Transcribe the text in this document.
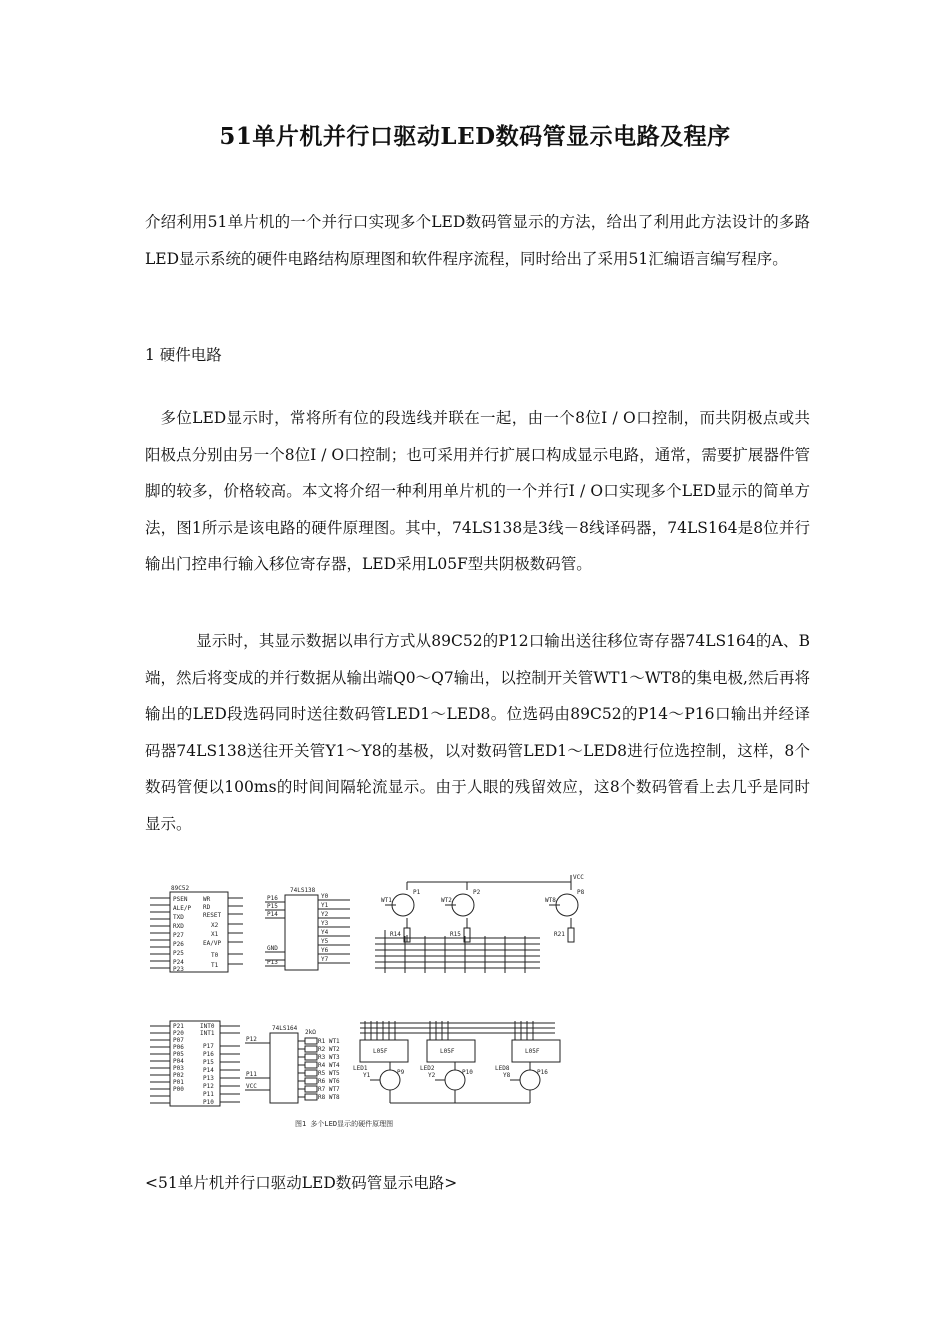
51单片机并行口驱动LED数码管显示电路及程序
介绍利用51单片机的一个并行口实现多个LED数码管显示的方法，给出了利用此方法设计的多路LED显示系统的硬件电路结构原理图和软件程序流程，同时给出了采用51汇编语言编写程序。
1 硬件电路
多位LED显示时，常将所有位的段选线并联在一起，由一个8位I / O口控制，而共阴极点或共阳极点分别由另一个8位I / O口控制；也可采用并行扩展口构成显示电路，通常，需要扩展器件管脚的较多，价格较高。本文将介绍一种利用单片机的一个并行I / O口实现多个LED显示的简单方法，图1所示是该电路的硬件原理图。其中，74LS138是3线－8线译码器，74LS164是8位并行输出门控串行输入移位寄存器，LED采用L05F型共阴极数码管。
显示时，其显示数据以串行方式从89C52的P12口输出送往移位寄存器74LS164的A、B端，然后将变成的并行数据从输出端Q0～Q7输出，以控制开关管WT1～WT8的集电极,然后再将输出的LED段选码同时送往数码管LED1～LED8。位选码由89C52的P14～P16口输出并经译码器74LS138送往开关管Y1～Y8的基极，以对数码管LED1～LED8进行位选控制，这样，8个数码管便以100ms的时间间隔轮流显示。由于人眼的残留效应，这8个数码管看上去几乎是同时显示。
89C52	74LS138
VCC
WT1	WT2	WT8
P1	P2	P8
R14	R15	R21
P16
P15
P14
GND
P13
Y0
Y1
Y2
Y3
Y4
Y5
Y6
Y7
PSEN
ALE/P
TXD
RXD
P27
P26
P25
P24
P23
WR
RD
RESET
X2
X1
EA/VP
T0
T1
74LS164
2kΩ
P12
P11
VCC
R1 WT1
R2 WT2
R3 WT3
R4 WT4
R5 WT5
R6 WT6
R7 WT7
R8 WT8
L05F	L05F	L05F
LED1	LED2	LED8
Y1	Y2	Y8
P9	P10	P16
P21
P20
P07
P06
P05
P04
P03
P02
P01
P00
INT0
INT1
P17
P16
P15
P14
P13
P12
P11
P10
图1 多个LED显示的硬件原理图
<51单片机并行口驱动LED数码管显示电路>
